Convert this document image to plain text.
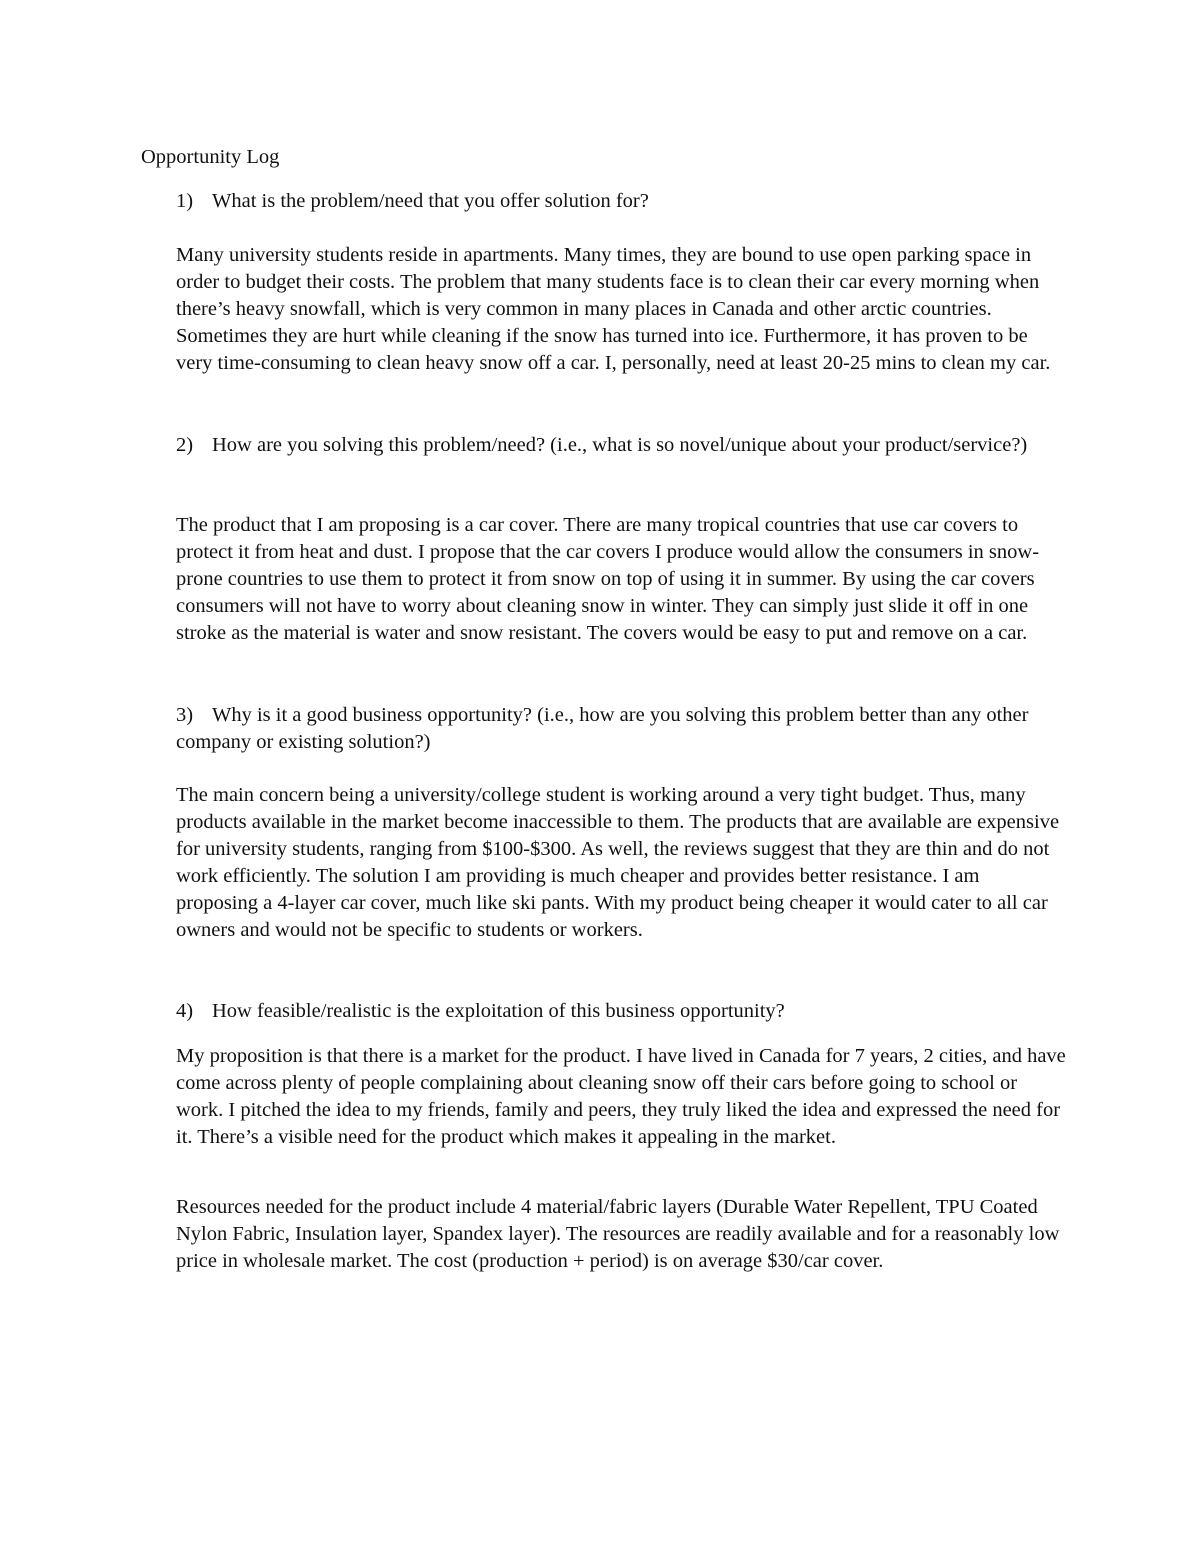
Opportunity Log

1) What is the problem/need that you offer solution for?

Many university students reside in apartments. Many times, they are bound to use open parking space in order to budget their costs. The problem that many students face is to clean their car every morning when there’s heavy snowfall, which is very common in many places in Canada and other arctic countries. Sometimes they are hurt while cleaning if the snow has turned into ice. Furthermore, it has proven to be very time-consuming to clean heavy snow off a car. I, personally, need at least 20-25 mins to clean my car.

2) How are you solving this problem/need? (i.e., what is so novel/unique about your product/service?)

The product that I am proposing is a car cover. There are many tropical countries that use car covers to protect it from heat and dust. I propose that the car covers I produce would allow the consumers in snow-prone countries to use them to protect it from snow on top of using it in summer. By using the car covers consumers will not have to worry about cleaning snow in winter. They can simply just slide it off in one stroke as the material is water and snow resistant. The covers would be easy to put and remove on a car.

3) Why is it a good business opportunity? (i.e., how are you solving this problem better than any other company or existing solution?)

The main concern being a university/college student is working around a very tight budget. Thus, many products available in the market become inaccessible to them. The products that are available are expensive for university students, ranging from $100-$300. As well, the reviews suggest that they are thin and do not work efficiently. The solution I am providing is much cheaper and provides better resistance. I am proposing a 4-layer car cover, much like ski pants. With my product being cheaper it would cater to all car owners and would not be specific to students or workers.

4) How feasible/realistic is the exploitation of this business opportunity?

My proposition is that there is a market for the product. I have lived in Canada for 7 years, 2 cities, and have come across plenty of people complaining about cleaning snow off their cars before going to school or work. I pitched the idea to my friends, family and peers, they truly liked the idea and expressed the need for it. There’s a visible need for the product which makes it appealing in the market.

Resources needed for the product include 4 material/fabric layers (Durable Water Repellent, TPU Coated Nylon Fabric, Insulation layer, Spandex layer). The resources are readily available and for a reasonably low price in wholesale market. The cost (production + period) is on average $30/car cover.
